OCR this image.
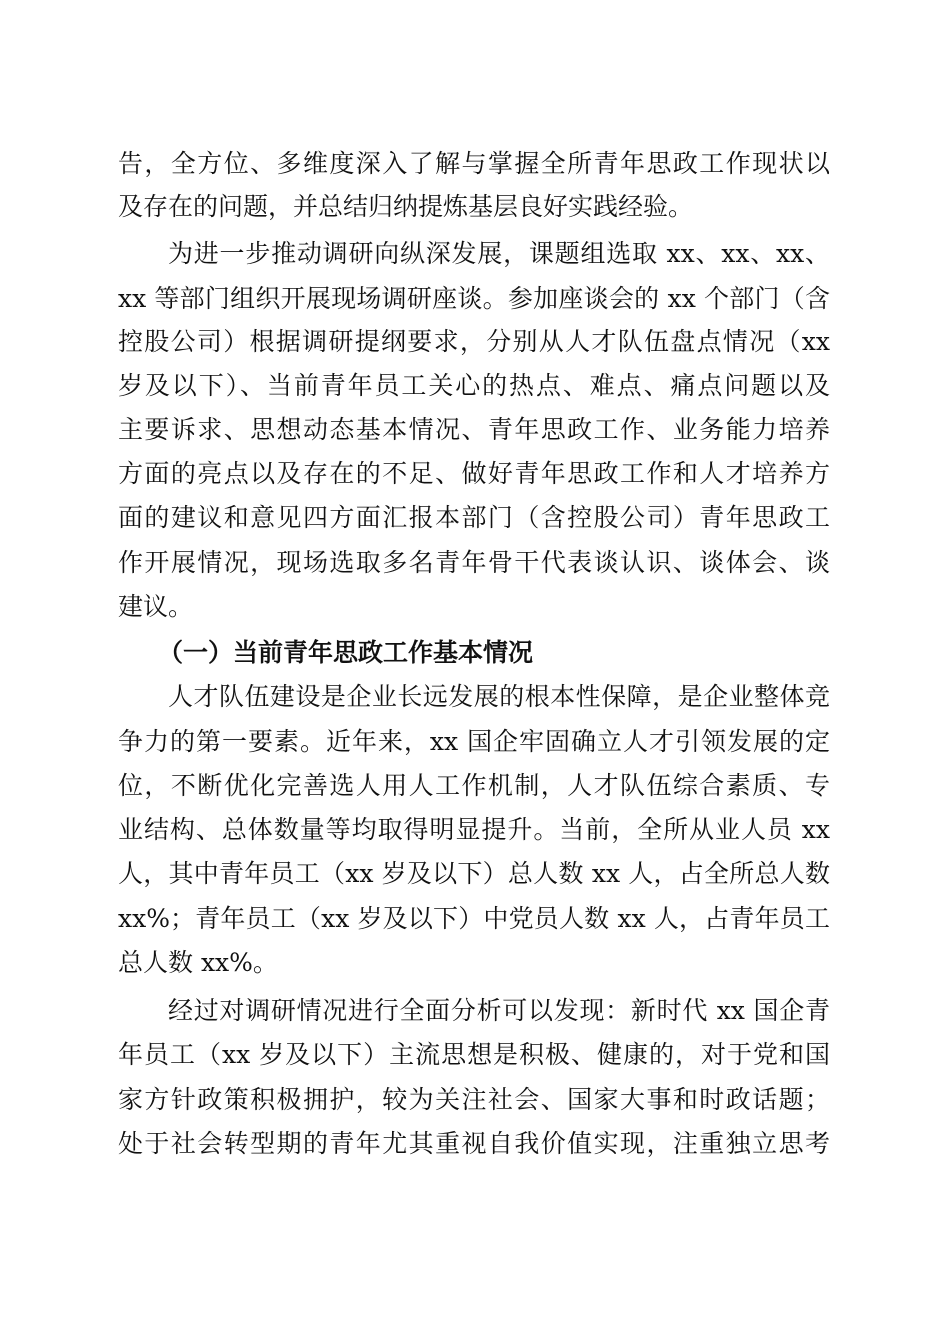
告，全方位、多维度深入了解与掌握全所青年思政工作现状以
及存在的问题，并总结归纳提炼基层良好实践经验。
为进一步推动调研向纵深发展，课题组选取 xx、xx、xx、
xx 等部门组织开展现场调研座谈。参加座谈会的 xx 个部门（含
控股公司）根据调研提纲要求，分别从人才队伍盘点情况（xx
岁及以下）、当前青年员工关心的热点、难点、痛点问题以及
主要诉求、思想动态基本情况、青年思政工作、业务能力培养
方面的亮点以及存在的不足、做好青年思政工作和人才培养方
面的建议和意见四方面汇报本部门（含控股公司）青年思政工
作开展情况，现场选取多名青年骨干代表谈认识、谈体会、谈
建议。
（一）当前青年思政工作基本情况
人才队伍建设是企业长远发展的根本性保障，是企业整体竞
争力的第一要素。近年来，xx 国企牢固确立人才引领发展的定
位，不断优化完善选人用人工作机制，人才队伍综合素质、专
业结构、总体数量等均取得明显提升。当前，全所从业人员 xx
人，其中青年员工（xx 岁及以下）总人数 xx 人，占全所总人数
xx%；青年员工（xx 岁及以下）中党员人数 xx 人，占青年员工
总人数 xx%。
经过对调研情况进行全面分析可以发现：新时代 xx 国企青
年员工（xx 岁及以下）主流思想是积极、健康的，对于党和国
家方针政策积极拥护，较为关注社会、国家大事和时政话题；
处于社会转型期的青年尤其重视自我价值实现，注重独立思考
